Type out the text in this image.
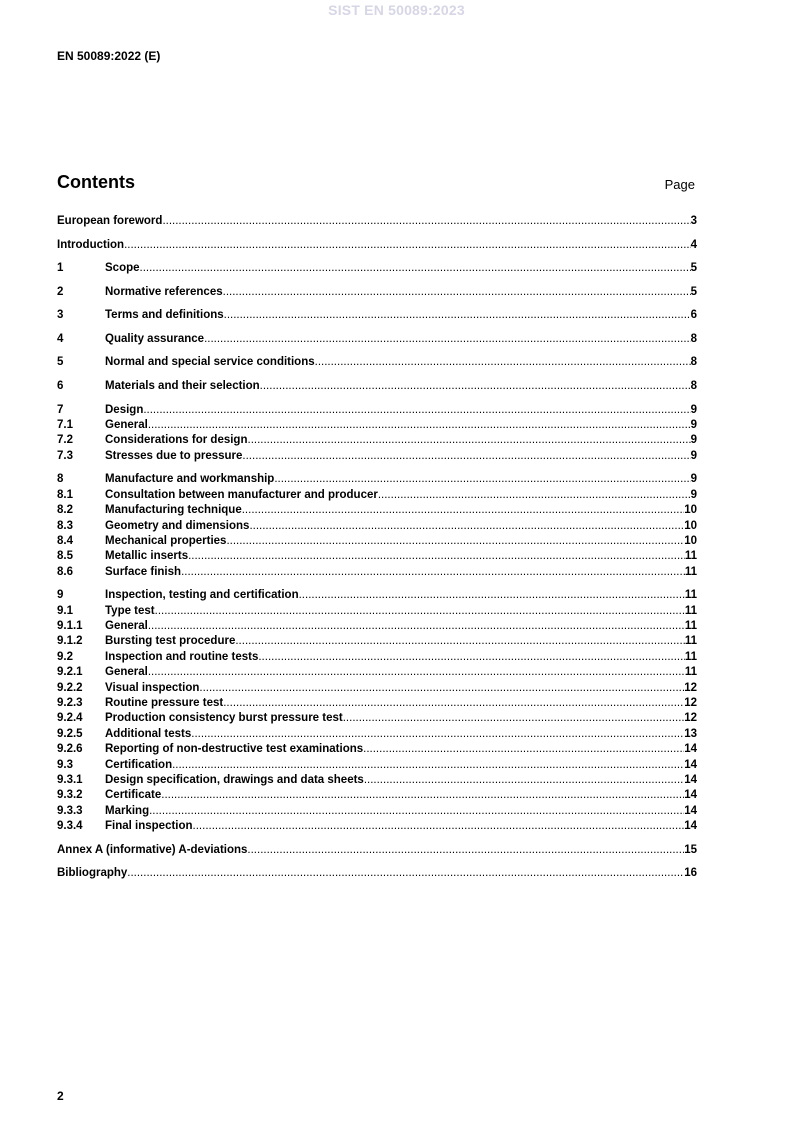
SIST EN 50089:2023
EN 50089:2022 (E)
Contents	Page
European foreword .....	3
Introduction .....	4
1	Scope .....	5
2	Normative references .....	5
3	Terms and definitions .....	6
4	Quality assurance .....	8
5	Normal and special service conditions .....	8
6	Materials and their selection .....	8
7	Design .....	9
7.1	General .....	9
7.2	Considerations for design .....	9
7.3	Stresses due to pressure .....	9
8	Manufacture and workmanship .....	9
8.1	Consultation between manufacturer and producer .....	9
8.2	Manufacturing technique .....	10
8.3	Geometry and dimensions .....	10
8.4	Mechanical properties .....	10
8.5	Metallic inserts .....	11
8.6	Surface finish .....	11
9	Inspection, testing and certification .....	11
9.1	Type test .....	11
9.1.1 General .....	11
9.1.2 Bursting test procedure .....	11
9.2	Inspection and routine tests .....	11
9.2.1 General .....	11
9.2.2 Visual inspection .....	12
9.2.3 Routine pressure test .....	12
9.2.4 Production consistency burst pressure test .....	12
9.2.5 Additional tests .....	13
9.2.6 Reporting of non-destructive test examinations .....	14
9.3	Certification .....	14
9.3.1 Design specification, drawings and data sheets .....	14
9.3.2 Certificate .....	14
9.3.3 Marking .....	14
9.3.4 Final inspection .....	14
Annex A (informative) A-deviations .....	15
Bibliography .....	16
2
